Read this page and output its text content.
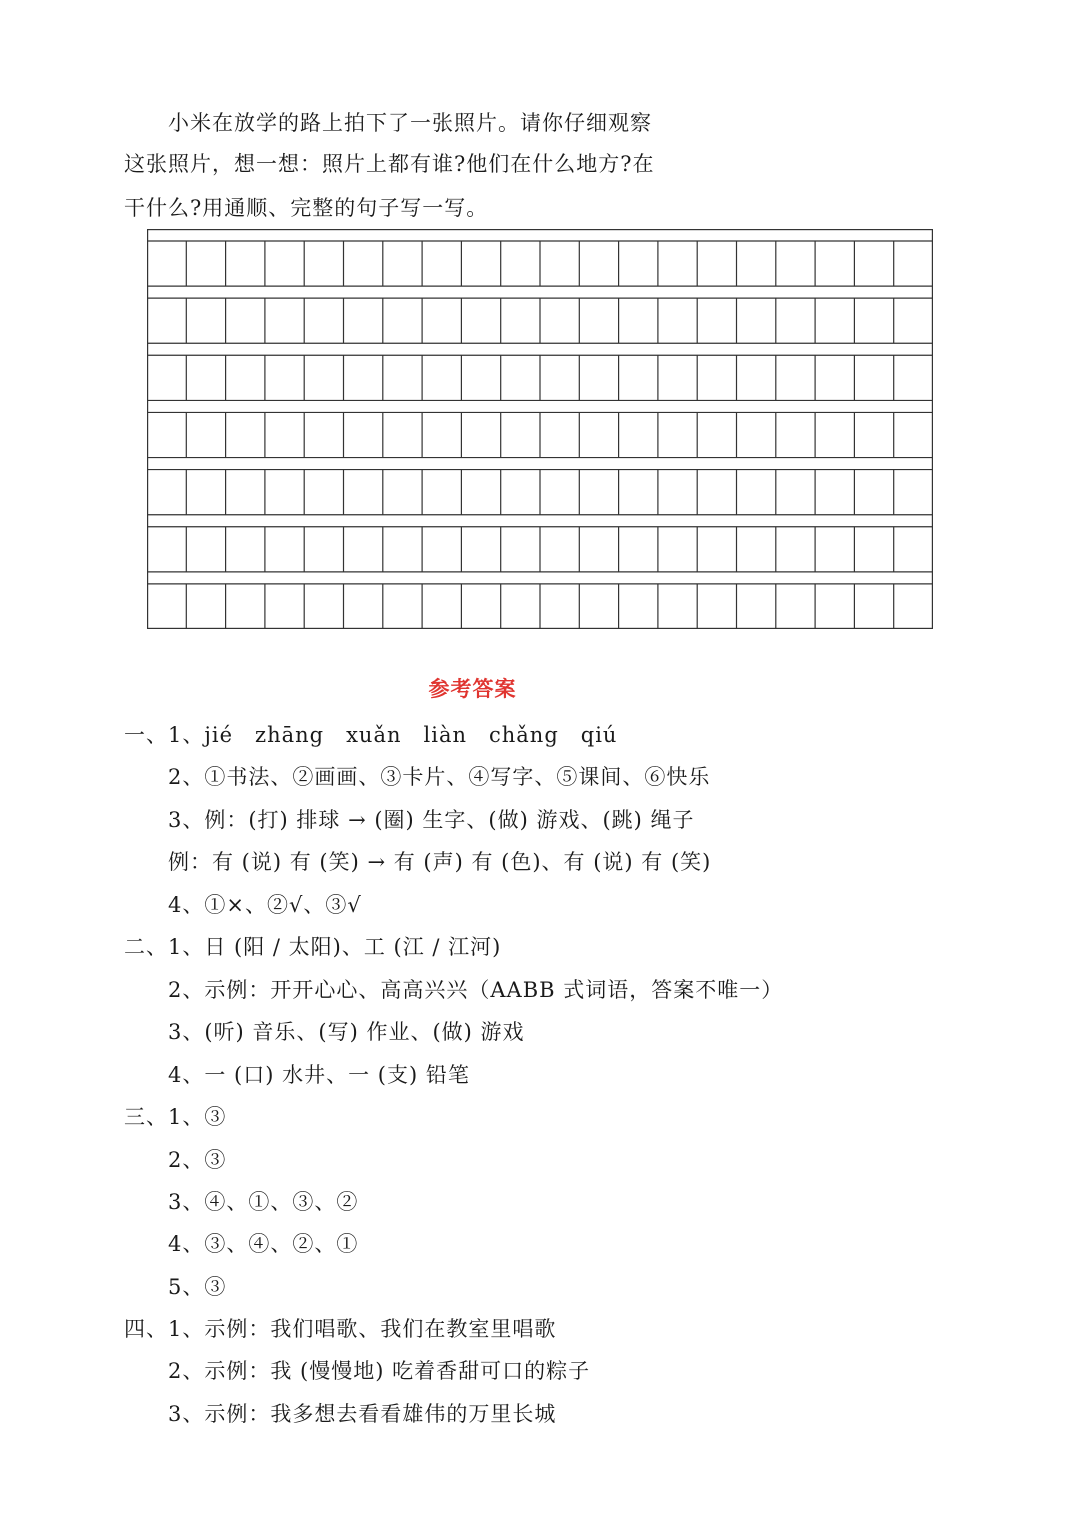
小米在放学的路上拍下了一张照片。请你仔细观察
这张照片，想一想：照片上都有谁?他们在什么地方?在
干什么?用通顺、完整的句子写一写。
参考答案
一、1、jié　zhāng　xuǎn　liàn　chǎng　qiú
2、①书法、②画画、③卡片、④写字、⑤课间、⑥快乐
3、例：(打) 排球 → (圈) 生字、(做) 游戏、(跳) 绳子
例：有 (说) 有 (笑) → 有 (声) 有 (色)、有 (说) 有 (笑)
4、①×、②√、③√
二、1、日 (阳 / 太阳)、工 (江 / 江河)
2、示例：开开心心、高高兴兴（AABB 式词语，答案不唯一）
3、(听) 音乐、(写) 作业、(做) 游戏
4、一 (口) 水井、一 (支) 铅笔
三、1、③
2、③
3、④、①、③、②
4、③、④、②、①
5、③
四、1、示例：我们唱歌、我们在教室里唱歌
2、示例：我 (慢慢地) 吃着香甜可口的粽子
3、示例：我多想去看看雄伟的万里长城
